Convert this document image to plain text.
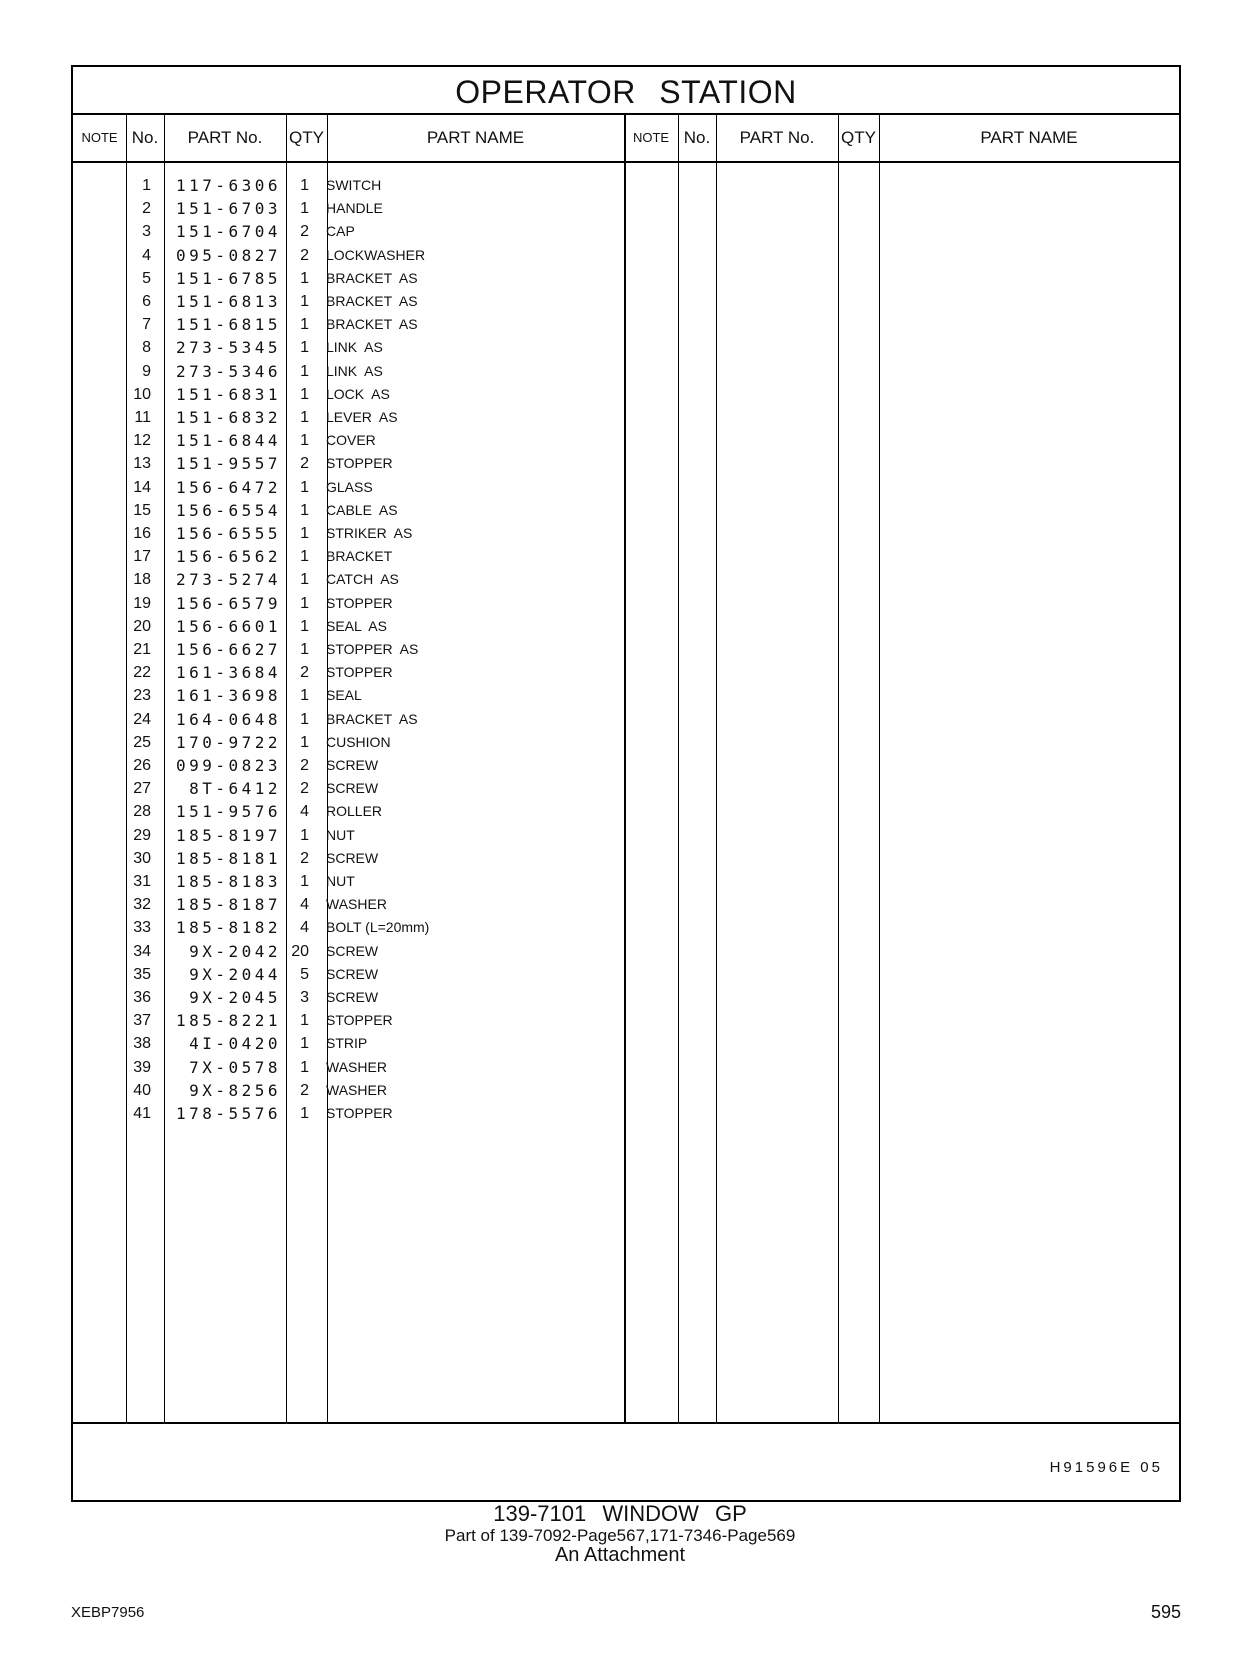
OPERATOR STATION
NOTE No.	PART No.	QTY	PART NAME	NOTE No.	PART No.	QTY	PART NAME
1	117-6306	1 SWITCH
2	151-6703	1 HANDLE
3	151-6704	2 CAP
4	095-0827	2 LOCKWASHER
5	151-6785	1 BRACKET  AS
6	151-6813	1 BRACKET  AS
7	151-6815	1 BRACKET  AS
8	273-5345	1 LINK  AS
9	273-5346	1 LINK  AS
10	151-6831	1 LOCK  AS
11	151-6832	1 LEVER  AS
12	151-6844	1 COVER
13	151-9557	2 STOPPER
14	156-6472	1 GLASS
15	156-6554	1 CABLE  AS
16	156-6555	1 STRIKER  AS
17	156-6562	1 BRACKET
18	273-5274	1 CATCH  AS
19	156-6579	1 STOPPER
20	156-6601	1 SEAL  AS
21	156-6627	1 STOPPER  AS
22	161-3684	2 STOPPER
23	161-3698	1 SEAL
24	164-0648	1 BRACKET  AS
25	170-9722	1 CUSHION
26	099-0823	2 SCREW
27	8T-6412	2 SCREW
28	151-9576	4 ROLLER
29	185-8197	1 NUT
30	185-8181	2 SCREW
31	185-8183	1 NUT
32	185-8187	4 WASHER
33	185-8182	4 BOLT (L=20mm)
34	9X-2042 20 SCREW
35	9X-2044	5 SCREW
36	9X-2045	3 SCREW
37	185-8221	1 STOPPER
38	4I-0420	1 STRIP
39	7X-0578	1 WASHER
40	9X-8256	2 WASHER
41	178-5576	1 STOPPER
H91596E 05
139-7101 WINDOW GP
Part of 139-7092-Page567,171-7346-Page569
An Attachment
XEBP7956	595
